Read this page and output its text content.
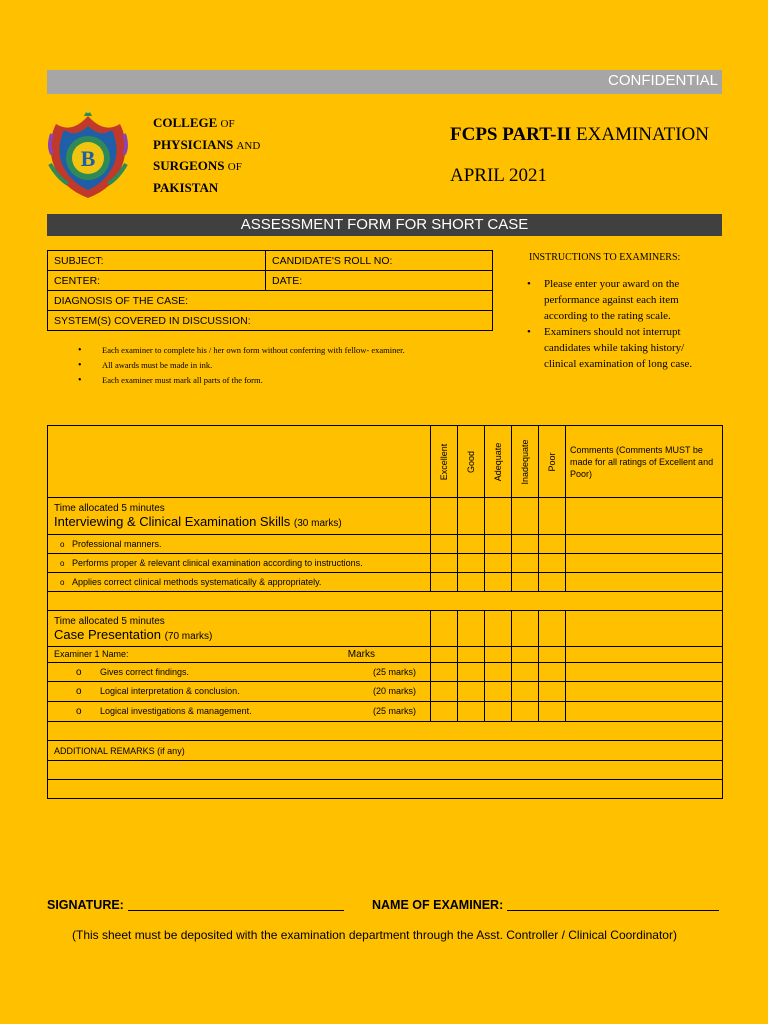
CONFIDENTIAL
B
COLLEGE OF
PHYSICIANS AND
SURGEONS OF
PAKISTAN
FCPS PART-II EXAMINATION
APRIL 2021
ASSESSMENT FORM FOR SHORT CASE
SUBJECT:	CANDIDATE'S ROLL NO:
CENTER:	DATE:
DIAGNOSIS OF THE CASE:	
SYSTEM(S) COVERED IN DISCUSSION:	
INSTRUCTIONS TO EXAMINERS:
• Please enter your award on the performance against each item according to the rating scale.
• Examiners should not interrupt candidates while taking history/ clinical examination of long case.
• Each examiner to complete his / her own form without conferring with fellow- examiner.
• All awards must be made in ink.
• Each examiner must mark all parts of the form.

	Excellent	Good	Adequate	Inadequate	Poor	Comments (Comments MUST be made for all ratings of Excellent and Poor)

Time allocated 5 minutes
Interviewing & Clinical Examination Skills (30 marks)						

o Professional manners.						
o Performs proper & relevant clinical examination according to instructions.						
o Applies correct clinical methods systematically & appropriately.						

Time allocated 5 minutes
Case Presentation (70 marks)						

Examiner 1 Name: Marks						

o Gives correct findings. (25 marks)						

o Logical interpretation & conclusion. (20 marks)						

o Logical investigations & management. (25 marks)						

ADDITIONAL REMARKS (if any)						

SIGNATURE:	NAME OF EXAMINER:
(This sheet must be deposited with the examination department through the Asst. Controller / Clinical Coordinator)
